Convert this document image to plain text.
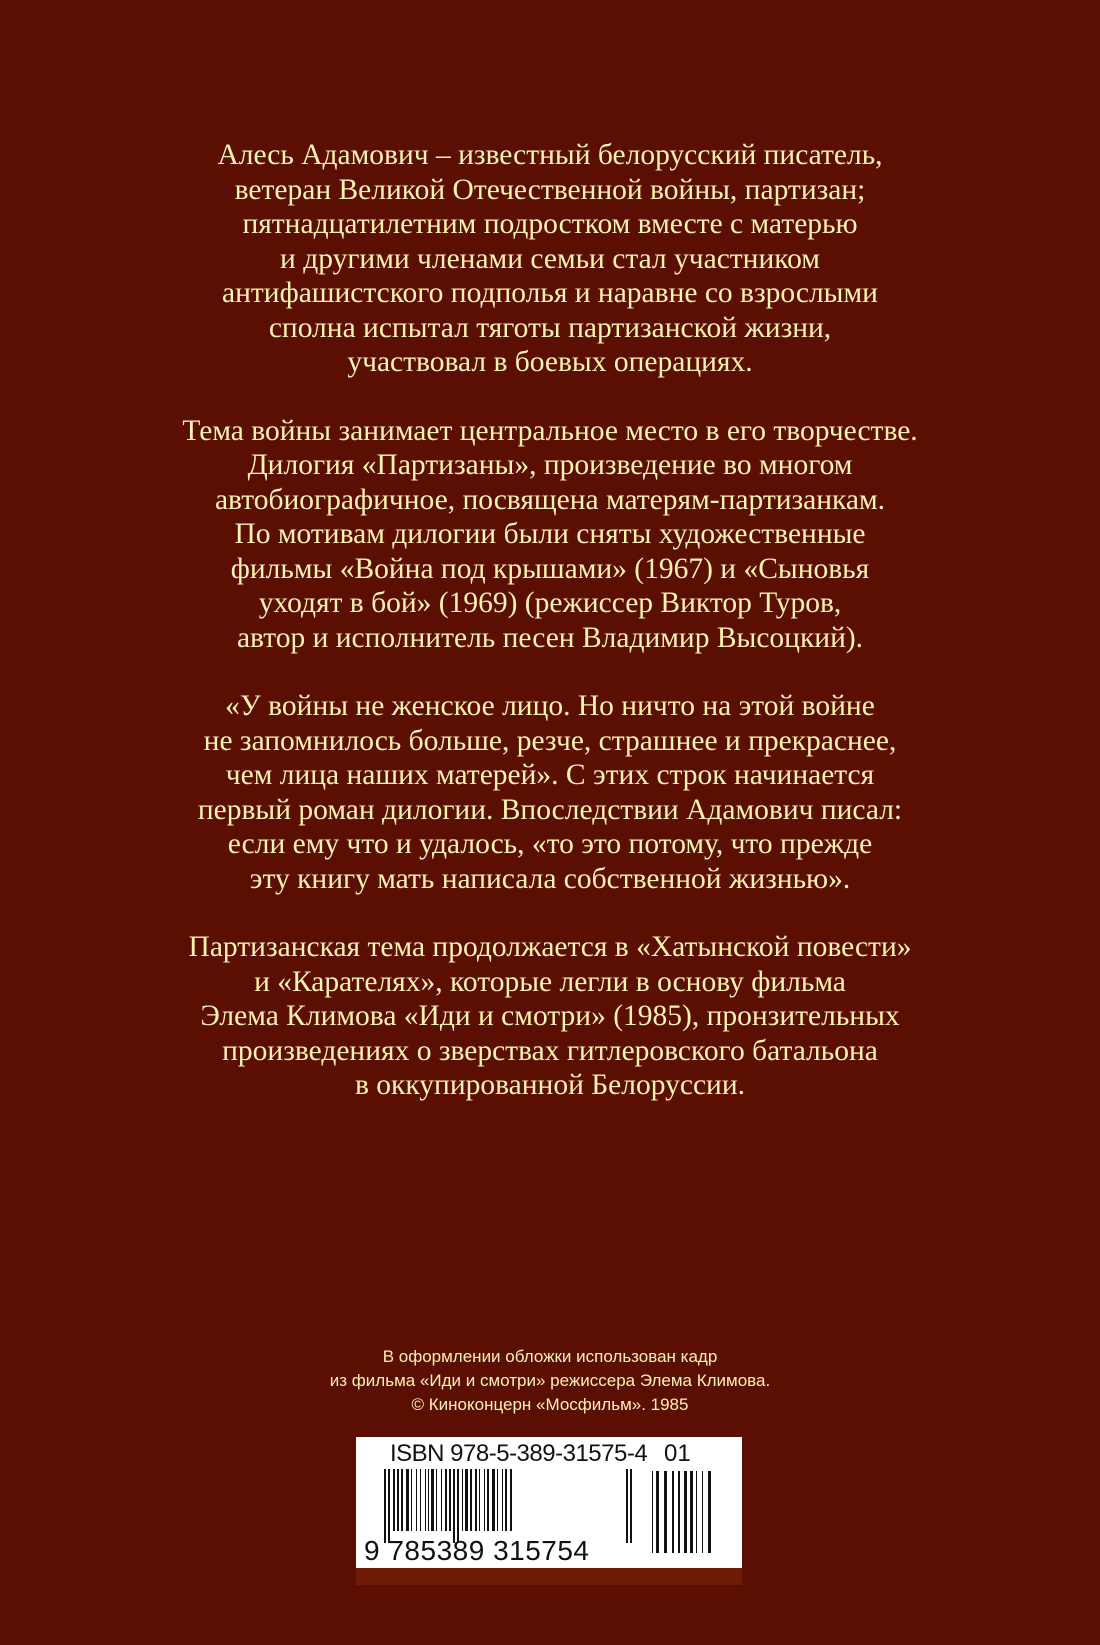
Алесь Адамович – известный белорусский писатель,
ветеран Великой Отечественной войны, партизан;
пятнадцатилетним подростком вместе с матерью
и другими членами семьи стал участником
антифашистского подполья и наравне со взрослыми
сполна испытал тяготы партизанской жизни,
участвовал в боевых операциях.

Тема войны занимает центральное место в его творчестве.
Дилогия «Партизаны», произведение во многом
автобиографичное, посвящена матерям-партизанкам.
По мотивам дилогии были сняты художественные
фильмы «Война под крышами» (1967) и «Сыновья
уходят в бой» (1969) (режиссер Виктор Туров,
автор и исполнитель песен Владимир Высоцкий).

«У войны не женское лицо. Но ничто на этой войне
не запомнилось больше, резче, страшнее и прекраснее,
чем лица наших матерей». С этих строк начинается
первый роман дилогии. Впоследствии Адамович писал:
если ему что и удалось, «то это потому, что прежде
эту книгу мать написала собственной жизнью».

Партизанская тема продолжается в «Хатынской повести»
и «Карателях», которые легли в основу фильма
Элема Климова «Иди и смотри» (1985), пронзительных
произведениях о зверствах гитлеровского батальона
в оккупированной Белоруссии.

В оформлении обложки использован кадр
из фильма «Иди и смотри» режиссера Элема Климова.
© Киноконцерн «Мосфильм». 1985
ISBN 978-5-389-31575-4 01
9 785389 315754
